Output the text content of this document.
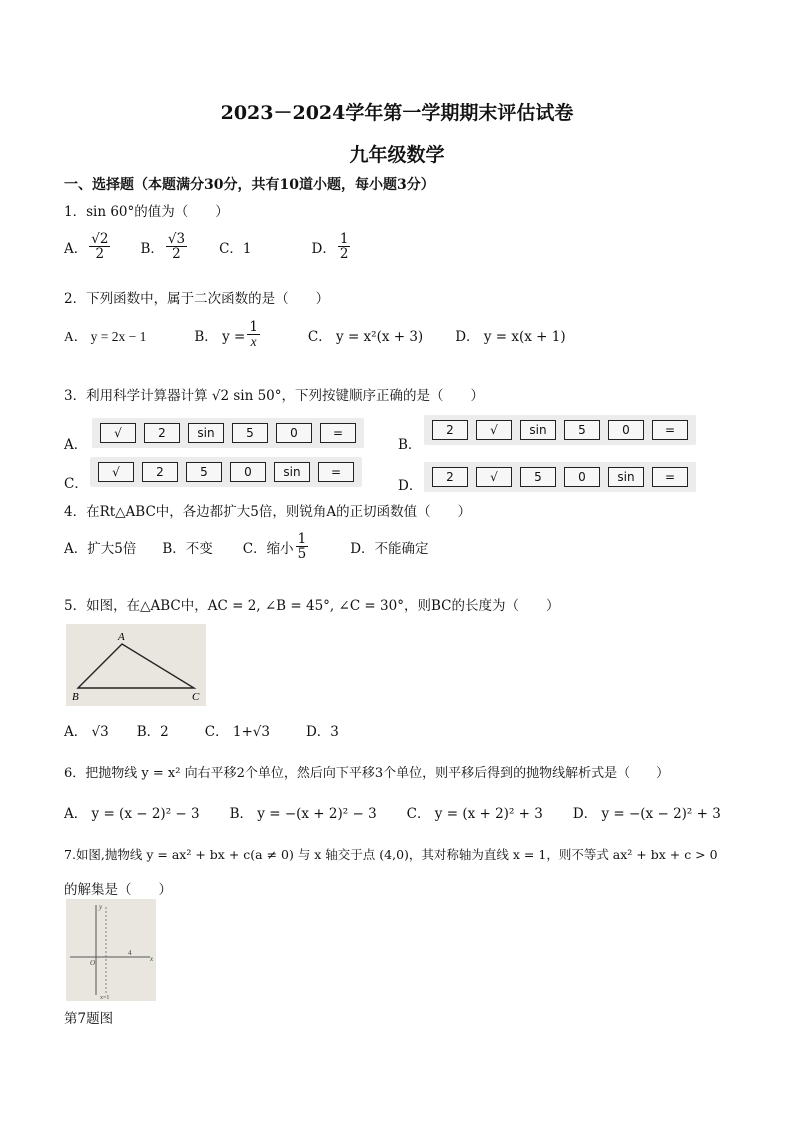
2023－2024学年第一学期期末评估试卷
九年级数学
一、选择题（本题满分30分，共有10道小题，每小题3分）
1．sin 60°的值为（　　）
A． $\frac{√2}{2}$ B． $\frac{√3}{2}$ C．1	D． $\frac{1}{2}$
2．下列函数中，属于二次函数的是（　　）
A． y = 2x − 1	B． $y = \frac{1}{x}$	C． y = x²(x + 3) D． y = x(x + 1)
3．利用科学计算器计算 √2 sin 50°，下列按键顺序正确的是（　　）
A．
√	2	sin	5	0	=
B．
2	√	sin	5	0	=
C．
√	2	5	0	sin	=
D．
2	√	5	0	sin	=
4．在Rt△ABC中，各边都扩大5倍，则锐角A的正切函数值（　　）
A．扩大5倍 B．不变 C．缩小 $\frac{1}{5}$	D．不能确定
5．如图，在△ABC中，AC = 2, ∠B = 45°, ∠C = 30°，则BC的长度为（　　）
A
B	C
A． √3 B．2	C． 1+√3	D．3
6．把抛物线 y = x² 向右平移2个单位，然后向下平移3个单位，则平移后得到的抛物线解析式是（　　）
A． y = (x − 2)² − 3 B． y = −(x + 2)² − 3 C． y = (x + 2)² + 3 D． y = −(x − 2)² + 3
7.如图,抛物线 y = ax² + bx + c(a ≠ 0) 与 x 轴交于点 (4,0)，其对称轴为直线 x = 1，则不等式 ax² + bx + c > 0
的解集是（　　）
y
x
O
4
x=1
第7题图
